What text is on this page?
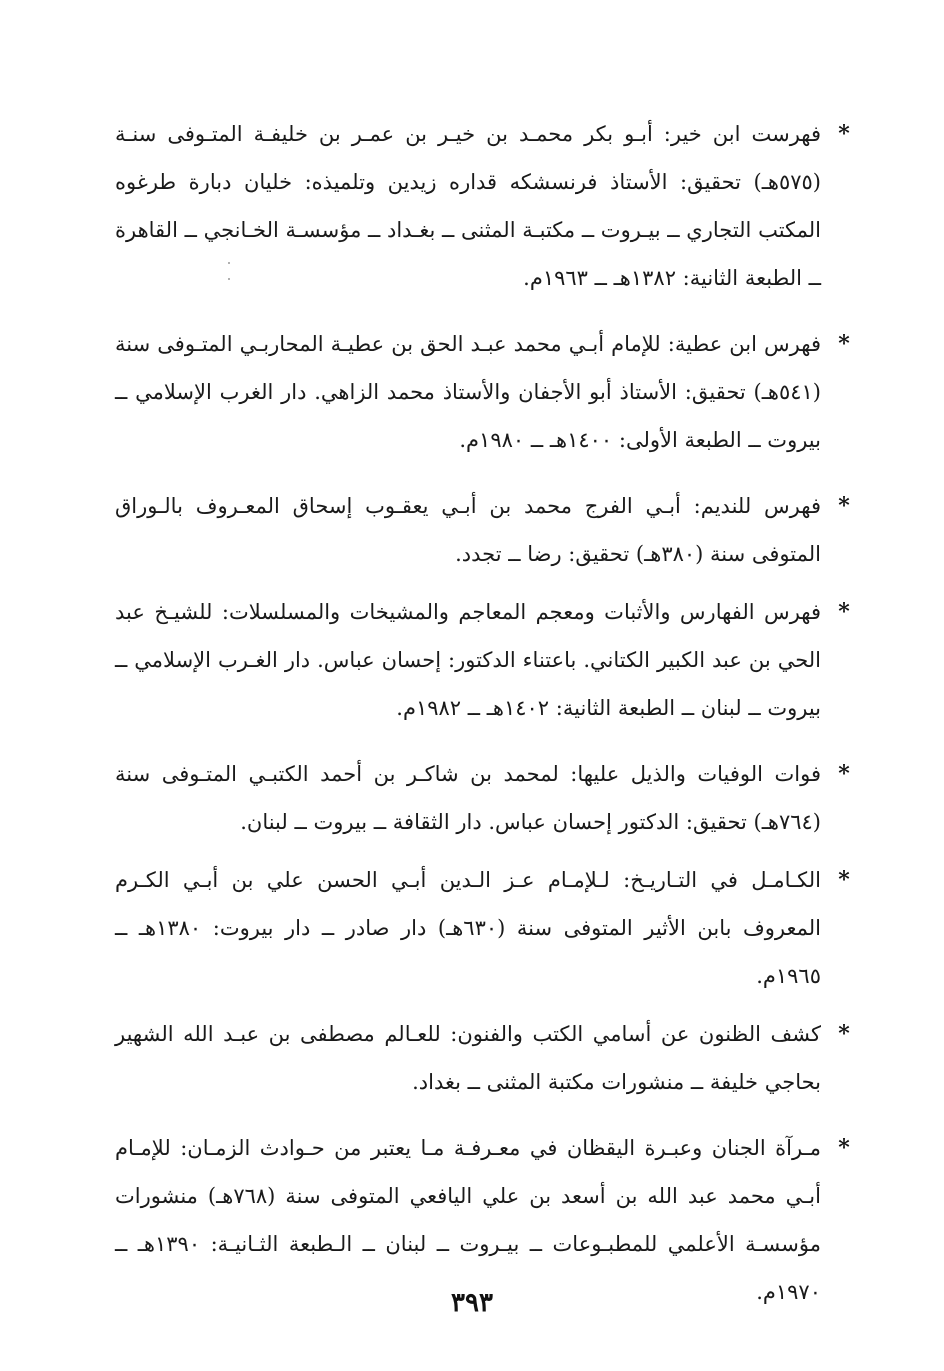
*
فهرست ابن خير: أبـو بكر محمـد بن خيـر بن عمـر بن خليفـة المتـوفى سنـة (٥٧٥هـ) تحقيق: الأستاذ فرنسشكه قداره زيدين وتلميذه: خليان دبارة طرغوه المكتب التجاري ــ بيـروت ــ مكتبـة المثنى ــ بغـداد ــ مؤسسـة الخـانجي ــ القاهرة ــ الطبعة الثانية: ١٣٨٢هـ ــ ١٩٦٣م.
*
فهرس ابن عطية: للإمام أبـي محمد عبـد الحق بن عطيـة المحاربـي المتـوفى سنة (٥٤١هـ) تحقيق: الأستاذ أبو الأجفان والأستاذ محمد الزاهي. دار الغرب الإسلامي ــ بيروت ــ الطبعة الأولى: ١٤٠٠هـ ــ ١٩٨٠م.
*
فهرس للنديم: أبـي الفرج محمد بن أبـي يعقـوب إسحاق المعـروف بالـوراق المتوفى سنة (٣٨٠هـ) تحقيق: رضا ــ تجدد.
*
فهرس الفهارس والأثبات ومعجم المعاجم والمشيخات والمسلسلات: للشيـخ عبد الحي بن عبد الكبير الكتاني. باعتناء الدكتور: إحسان عباس. دار الغـرب الإسلامي ــ بيروت ــ لبنان ــ الطبعة الثانية: ١٤٠٢هـ ــ ١٩٨٢م.
*
فوات الوفيات والذيل عليها: لمحمد بن شاكـر بن أحمد الكتبـي المتـوفى سنة (٧٦٤هـ) تحقيق: الدكتور إحسان عباس. دار الثقافة ــ بيروت ــ لبنان.
*
الكـامـل في التـاريـخ: لـلإمـام عـز الـدين أبـي الحسن علي بن أبـي الكـرم المعروف بابن الأثير المتوفى سنة (٦٣٠هـ) دار صادر ــ دار بيروت: ١٣٨٠هـ ــ ١٩٦٥م.
*
كشف الظنون عن أسامي الكتب والفنون: للعـالم مصطفى بن عبـد الله الشهير بحاجي خليفة ــ منشورات مكتبة المثنى ــ بغداد.
*
مـرآة الجنان وعبـرة اليقظان في معـرفـة مـا يعتبر من حـوادث الزمـان: للإمـام أبـي محمد عبد الله بن أسعد بن علي اليافعي المتوفى سنة (٧٦٨هـ) منشورات مؤسسـة الأعلمي للمطبـوعات ــ بيـروت ــ لبنان ــ الـطبعة الثـانيـة: ١٣٩٠هـ ــ ١٩٧٠م.
٣٩٣
